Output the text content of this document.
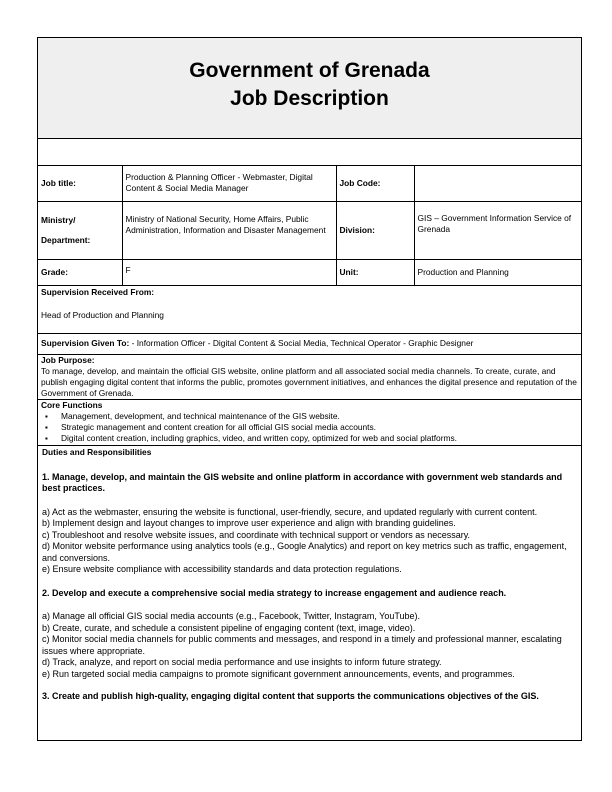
Government of Grenada
Job Description
Job title:	Production & Planning Officer - Webmaster, Digital Content & Social Media Manager	Job Code:	
Ministry/ Department:	Ministry of National Security, Home Affairs, Public Administration, Information and Disaster Management	Division:	GIS – Government Information Service of Grenada
Grade:	F	Unit:	Production and Planning
Supervision Received From:
Head of Production and Planning
Supervision Given To: - Information Officer - Digital Content & Social Media, Technical Operator - Graphic Designer
Job Purpose:
To manage, develop, and maintain the official GIS website, online platform and all associated social media channels. To create, curate, and publish engaging digital content that informs the public, promotes government initiatives, and enhances the digital presence and reputation of the Government of Grenada.
Core Functions
▪ Management, development, and technical maintenance of the GIS website.
▪ Strategic management and content creation for all official GIS social media accounts.
▪ Digital content creation, including graphics, video, and written copy, optimized for web and social platforms.
Duties and Responsibilities
1. Manage, develop, and maintain the GIS website and online platform in accordance with government web standards and best practices.
a) Act as the webmaster, ensuring the website is functional, user-friendly, secure, and updated regularly with current content.
b) Implement design and layout changes to improve user experience and align with branding guidelines.
c) Troubleshoot and resolve website issues, and coordinate with technical support or vendors as necessary.
d) Monitor website performance using analytics tools (e.g., Google Analytics) and report on key metrics such as traffic, engagement, and conversions.
e) Ensure website compliance with accessibility standards and data protection regulations.
2. Develop and execute a comprehensive social media strategy to increase engagement and audience reach.
a) Manage all official GIS social media accounts (e.g., Facebook, Twitter, Instagram, YouTube).
b) Create, curate, and schedule a consistent pipeline of engaging content (text, image, video).
c) Monitor social media channels for public comments and messages, and respond in a timely and professional manner, escalating issues where appropriate.
d) Track, analyze, and report on social media performance and use insights to inform future strategy.
e) Run targeted social media campaigns to promote significant government announcements, events, and programmes.
3. Create and publish high-quality, engaging digital content that supports the communications objectives of the GIS.
